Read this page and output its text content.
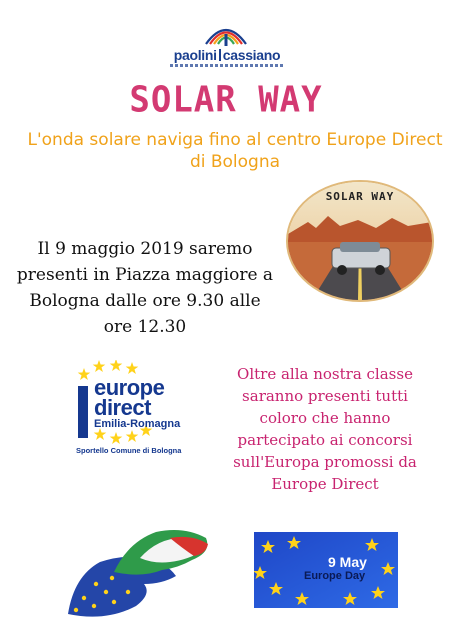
paolini cassiano
SOLAR WAY
L'onda solare naviga fino al centro Europe Direct di Bologna
SOLAR WAY
Il 9 maggio 2019 saremo presenti in Piazza maggiore a Bologna dalle ore 9.30 alle ore 12.30
europe
direct
Emilia-Romagna
Sportello Comune di Bologna
Oltre alla nostra classe saranno presenti tutti coloro che hanno partecipato ai concorsi sull'Europa promossi da Europe Direct
9 May
Europe Day
